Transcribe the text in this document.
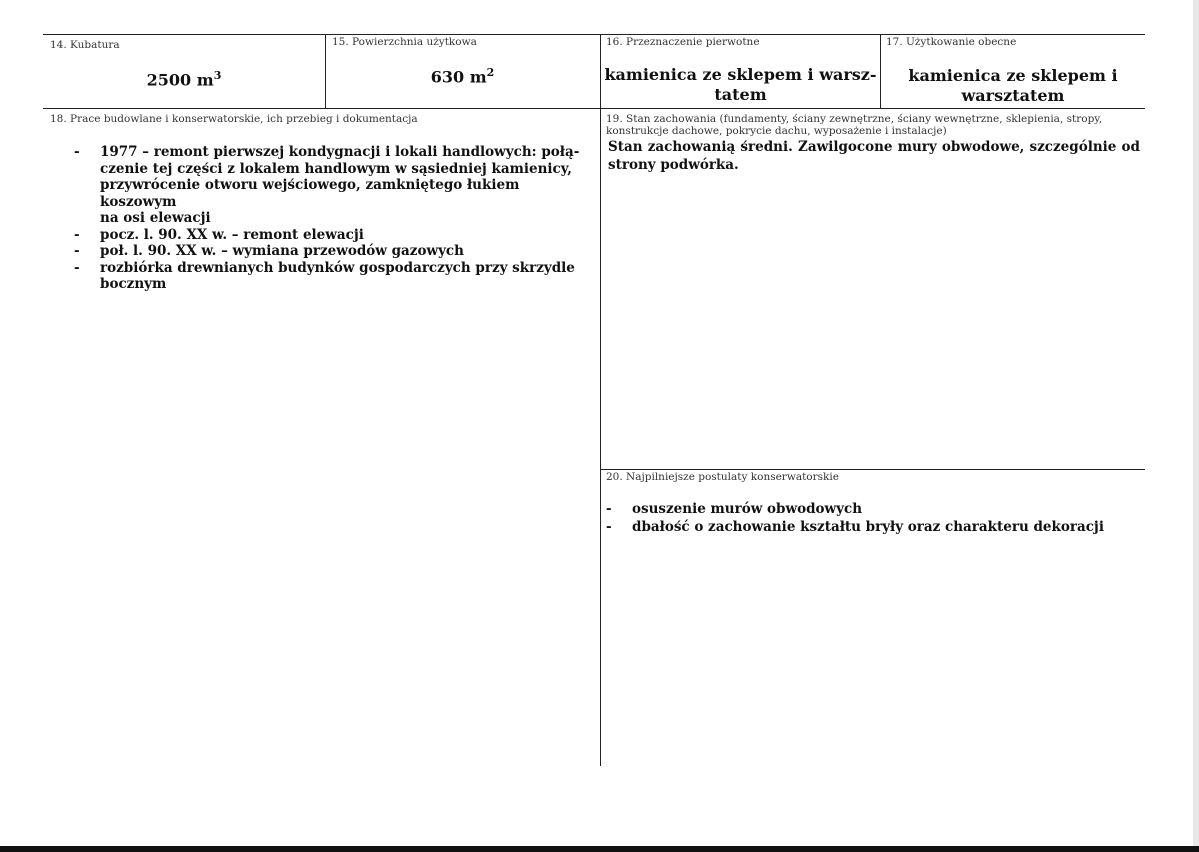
14. Kubatura
2500 $m^3$
15. Powierzchnia użytkowa
630 $m^2$
16. Przeznaczenie pierwotne
kamienica ze sklepem i warsz-
tatem
17. Użytkowanie obecne
kamienica ze sklepem i
warsztatem
18. Prace budowlane i konserwatorskie, ich przebieg i dokumentacja
- 1977 – remont pierwszej kondygnacji i lokali handlowych: połą-
czenie tej części z lokalem handlowym w sąsiedniej kamienicy,
przywrócenie otworu wejściowego, zamkniętego łukiem koszowym
na osi elewacji
- pocz. l. 90. XX w. – remont elewacji
- poł. l. 90. XX w. – wymiana przewodów gazowych
- rozbiórka drewnianych budynków gospodarczych przy skrzydle
bocznym
19. Stan zachowania (fundamenty, ściany zewnętrzne, ściany wewnętrzne, sklepienia, stropy,
konstrukcje dachowe, pokrycie dachu, wyposażenie i instalacje)
Stan zachowanią średni. Zawilgocone mury obwodowe, szczególnie od strony podwórka.
20. Najpilniejsze postulaty konserwatorskie
- osuszenie murów obwodowych
- dbałość o zachowanie kształtu bryły oraz charakteru dekoracji
